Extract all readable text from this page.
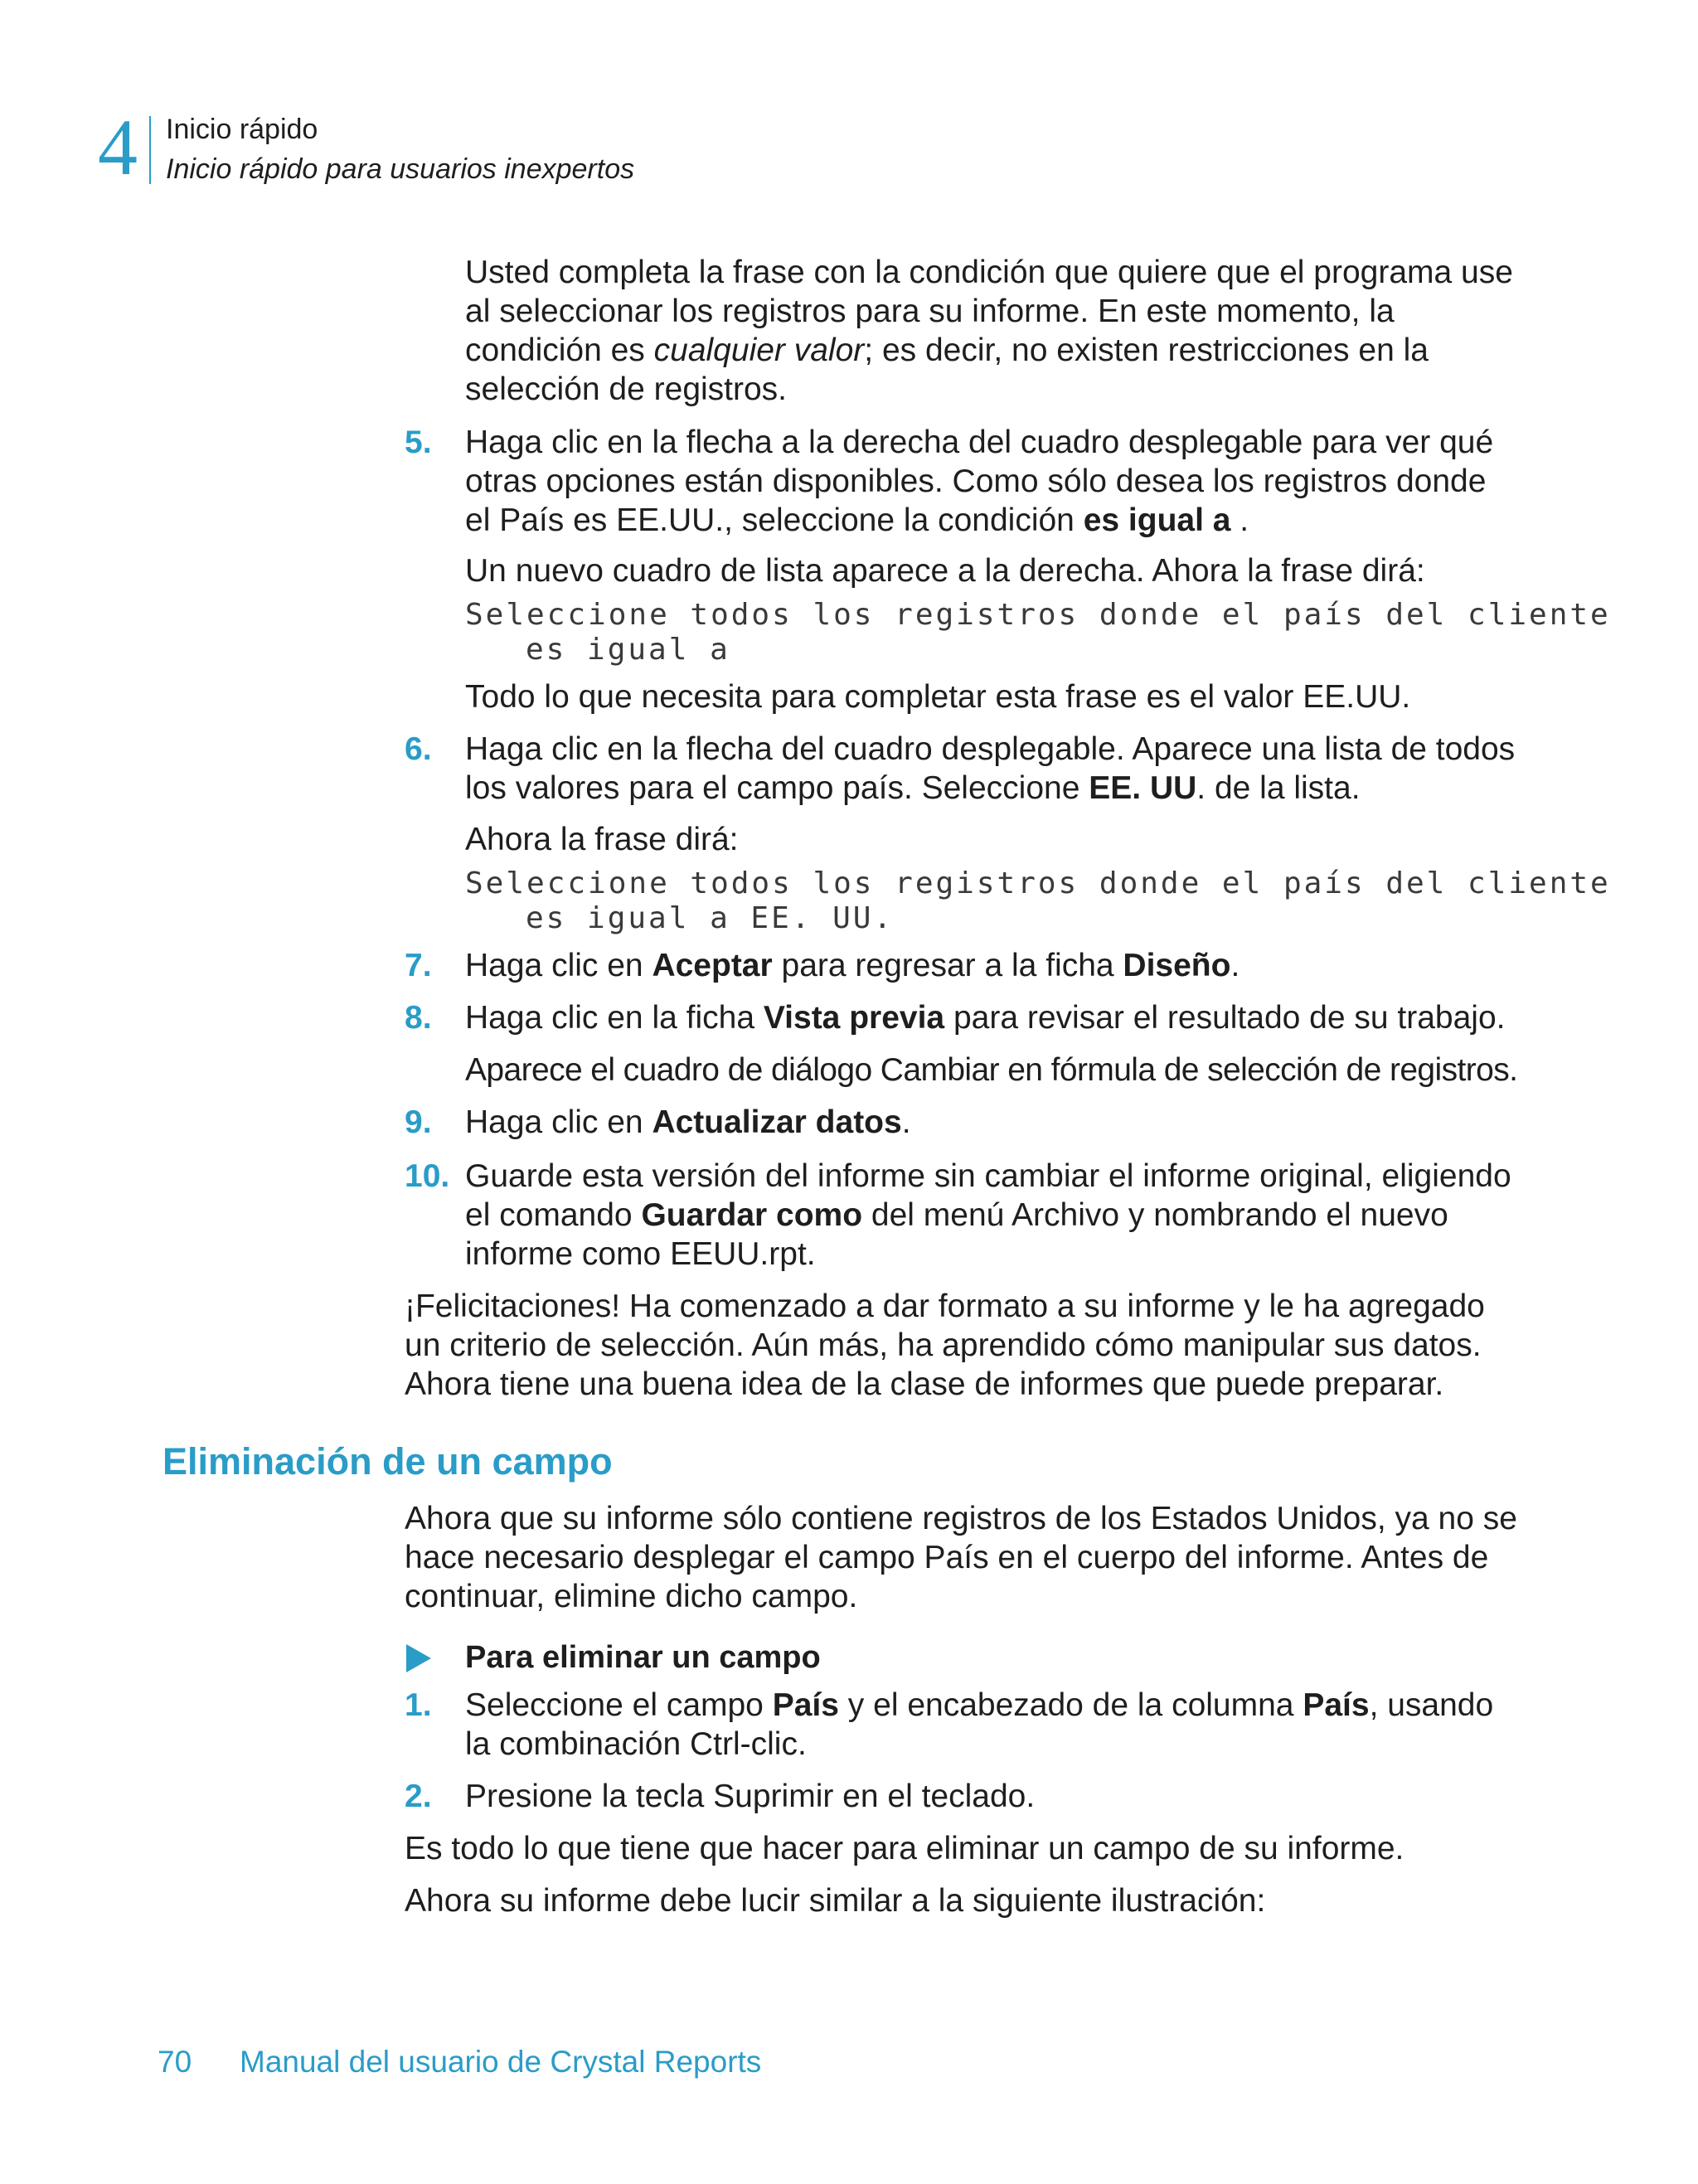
4 Inicio rápido
Inicio rápido para usuarios inexpertos
Usted completa la frase con la condición que quiere que el programa use
al seleccionar los registros para su informe. En este momento, la
condición es cualquier valor; es decir, no existen restricciones en la
selección de registros.
5. Haga clic en la flecha a la derecha del cuadro desplegable para ver qué
otras opciones están disponibles. Como sólo desea los registros donde
el País es EE.UU., seleccione la condición es igual a .
Un nuevo cuadro de lista aparece a la derecha. Ahora la frase dirá:
Seleccione todos los registros donde el país del cliente
es igual a
Todo lo que necesita para completar esta frase es el valor EE.UU.
6. Haga clic en la flecha del cuadro desplegable. Aparece una lista de todos
los valores para el campo país. Seleccione EE. UU. de la lista.
Ahora la frase dirá:
Seleccione todos los registros donde el país del cliente
es igual a EE. UU.
7. Haga clic en Aceptar para regresar a la ficha Diseño.
8. Haga clic en la ficha Vista previa para revisar el resultado de su trabajo.
Aparece el cuadro de diálogo Cambiar en fórmula de selección de registros.
9. Haga clic en Actualizar datos.
10. Guarde esta versión del informe sin cambiar el informe original, eligiendo
el comando Guardar como del menú Archivo y nombrando el nuevo
informe como EEUU.rpt.
¡Felicitaciones! Ha comenzado a dar formato a su informe y le ha agregado
un criterio de selección. Aún más, ha aprendido cómo manipular sus datos.
Ahora tiene una buena idea de la clase de informes que puede preparar.
Eliminación de un campo
Ahora que su informe sólo contiene registros de los Estados Unidos, ya no se
hace necesario desplegar el campo País en el cuerpo del informe. Antes de
continuar, elimine dicho campo.
Para eliminar un campo
1. Seleccione el campo País y el encabezado de la columna País, usando
la combinación Ctrl-clic.
2. Presione la tecla Suprimir en el teclado.
Es todo lo que tiene que hacer para eliminar un campo de su informe.
Ahora su informe debe lucir similar a la siguiente ilustración:
70 Manual del usuario de Crystal Reports
